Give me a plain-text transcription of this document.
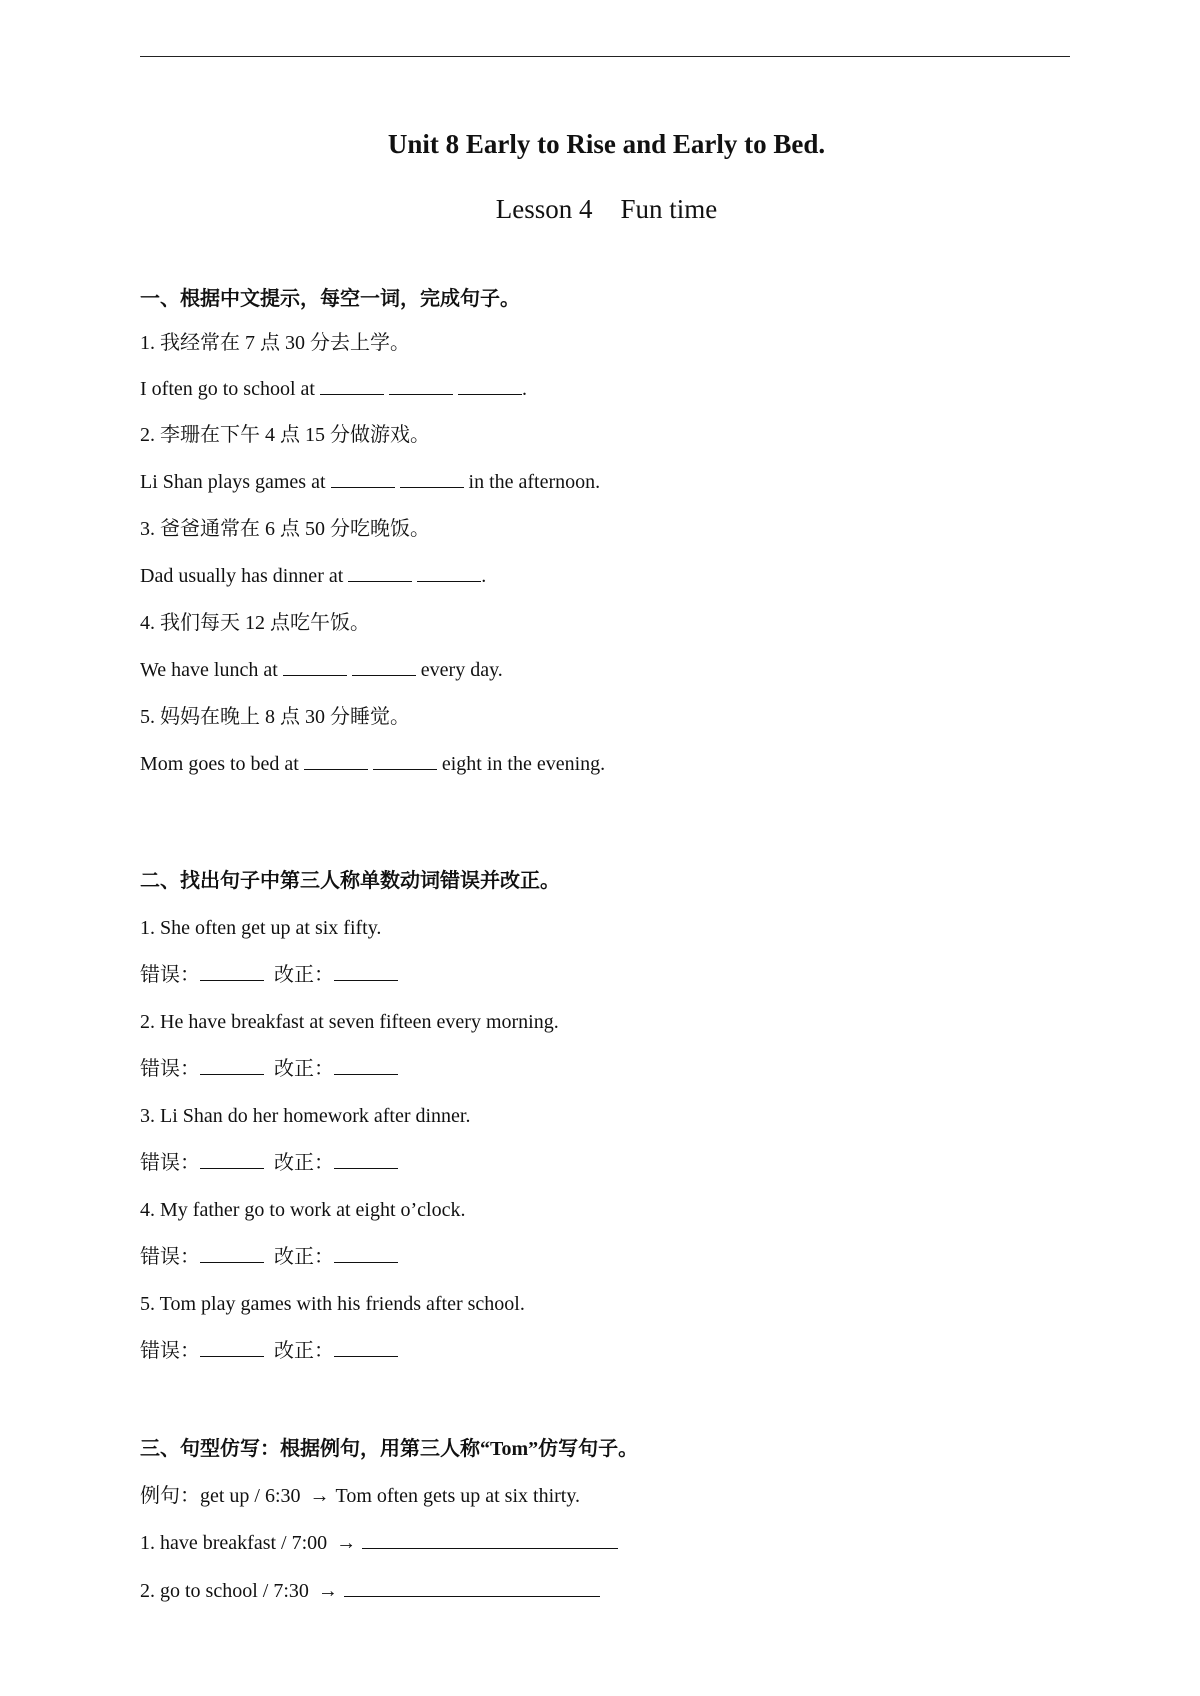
Unit 8 Early to Rise and Early to Bed.
Lesson 4 Fun time
一、根据中文提示，每空一词，完成句子。
1. 我经常在 7 点 30 分去上学。
I often go to school at	.
2. 李珊在下午 4 点 15 分做游戏。
Li Shan plays games at	in the afternoon.
3. 爸爸通常在 6 点 50 分吃晚饭。
Dad usually has dinner at	.
4. 我们每天 12 点吃午饭。
We have lunch at	every day.
5. 妈妈在晚上 8 点 30 分睡觉。
Mom goes to bed at	eight in the evening.
二、找出句子中第三人称单数动词错误并改正。
1. She often get up at six fifty.
错误：	改正：
2. He have breakfast at seven fifteen every morning.
错误：	改正：
3. Li Shan do her homework after dinner.
错误：	改正：
4. My father go to work at eight o’clock.
错误：	改正：
5. Tom play games with his friends after school.
错误：	改正：
三、句型仿写：根据例句，用第三人称“Tom”仿写句子。
例句：get up / 6:30 → Tom often gets up at six thirty.
1. have breakfast / 7:00 →
2. go to school / 7:30 →
